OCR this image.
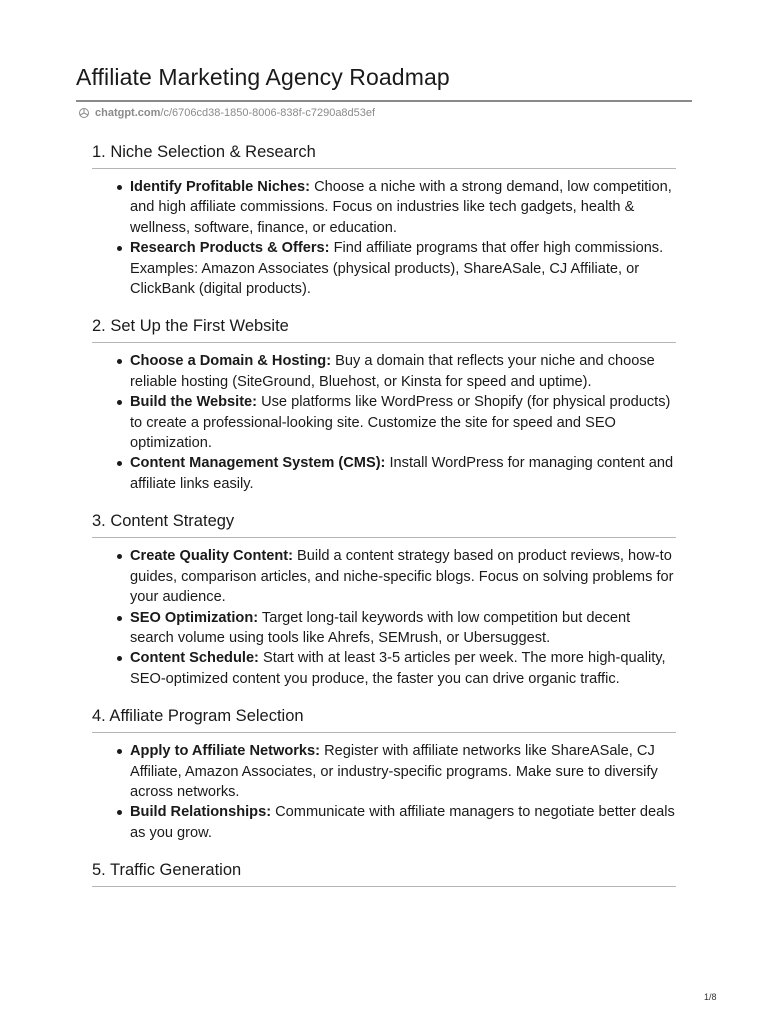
Affiliate Marketing Agency Roadmap
chatgpt.com /c/6706cd38-1850-8006-838f-c7290a8d53ef
1. Niche Selection & Research
Identify Profitable Niches: Choose a niche with a strong demand, low competition, and high affiliate commissions. Focus on industries like tech gadgets, health & wellness, software, finance, or education.
Research Products & Offers: Find affiliate programs that offer high commissions. Examples: Amazon Associates (physical products), ShareASale, CJ Affiliate, or ClickBank (digital products).
2. Set Up the First Website
Choose a Domain & Hosting: Buy a domain that reflects your niche and choose reliable hosting (SiteGround, Bluehost, or Kinsta for speed and uptime).
Build the Website: Use platforms like WordPress or Shopify (for physical products) to create a professional-looking site. Customize the site for speed and SEO optimization.
Content Management System (CMS): Install WordPress for managing content and affiliate links easily.
3. Content Strategy
Create Quality Content: Build a content strategy based on product reviews, how-to guides, comparison articles, and niche-specific blogs. Focus on solving problems for your audience.
SEO Optimization: Target long-tail keywords with low competition but decent search volume using tools like Ahrefs, SEMrush, or Ubersuggest.
Content Schedule: Start with at least 3-5 articles per week. The more high-quality, SEO-optimized content you produce, the faster you can drive organic traffic.
4. Affiliate Program Selection
Apply to Affiliate Networks: Register with affiliate networks like ShareASale, CJ Affiliate, Amazon Associates, or industry-specific programs. Make sure to diversify across networks.
Build Relationships: Communicate with affiliate managers to negotiate better deals as you grow.
5. Traffic Generation
1/8
